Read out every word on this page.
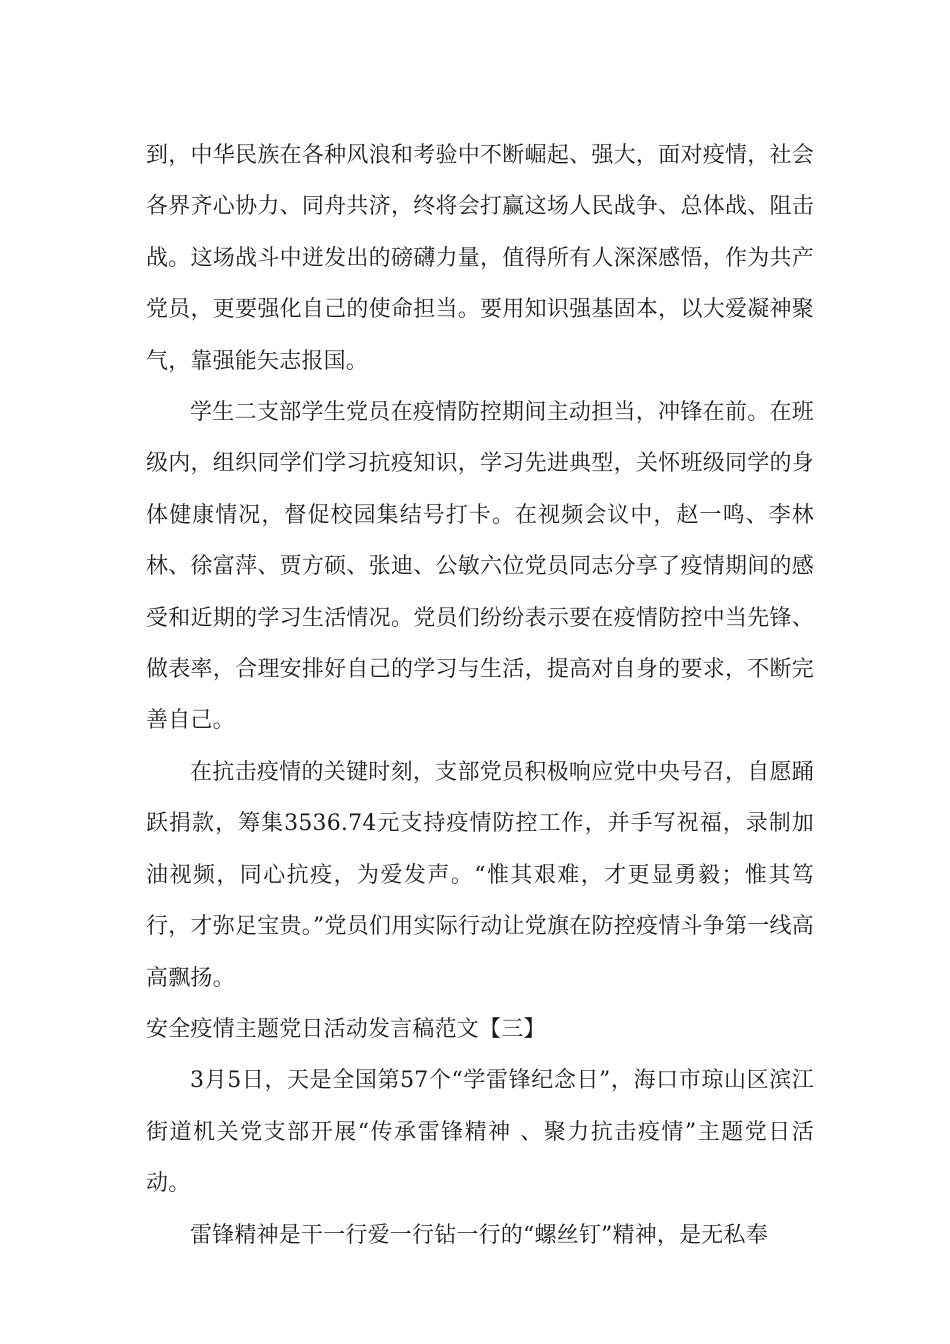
到，中华民族在各种风浪和考验中不断崛起、强大，面对疫情，社会各界齐心协力、同舟共济，终将会打赢这场人民战争、总体战、阻击战。这场战斗中迸发出的磅礴力量，值得所有人深深感悟，作为共产党员，更要强化自己的使命担当。要用知识强基固本，以大爱凝神聚气，靠强能矢志报国。

学生二支部学生党员在疫情防控期间主动担当，冲锋在前。在班级内，组织同学们学习抗疫知识，学习先进典型，关怀班级同学的身体健康情况，督促校园集结号打卡。在视频会议中，赵一鸣、李林林、徐富萍、贾方硕、张迪、公敏六位党员同志分享了疫情期间的感受和近期的学习生活情况。党员们纷纷表示要在疫情防控中当先锋、做表率，合理安排好自己的学习与生活，提高对自身的要求，不断完善自己。

在抗击疫情的关键时刻，支部党员积极响应党中央号召，自愿踊跃捐款，筹集3536.74元支持疫情防控工作，并手写祝福，录制加油视频，同心抗疫，为爱发声。“惟其艰难，才更显勇毅；惟其笃行，才弥足宝贵。”党员们用实际行动让党旗在防控疫情斗争第一线高高飘扬。

安全疫情主题党日活动发言稿范文【三】

3月5日，天是全国第57个“学雷锋纪念日”，海口市琼山区滨江街道机关党支部开展“传承雷锋精神 、聚力抗击疫情”主题党日活动。

雷锋精神是干一行爱一行钻一行的“螺丝钉”精神，是无私奉
